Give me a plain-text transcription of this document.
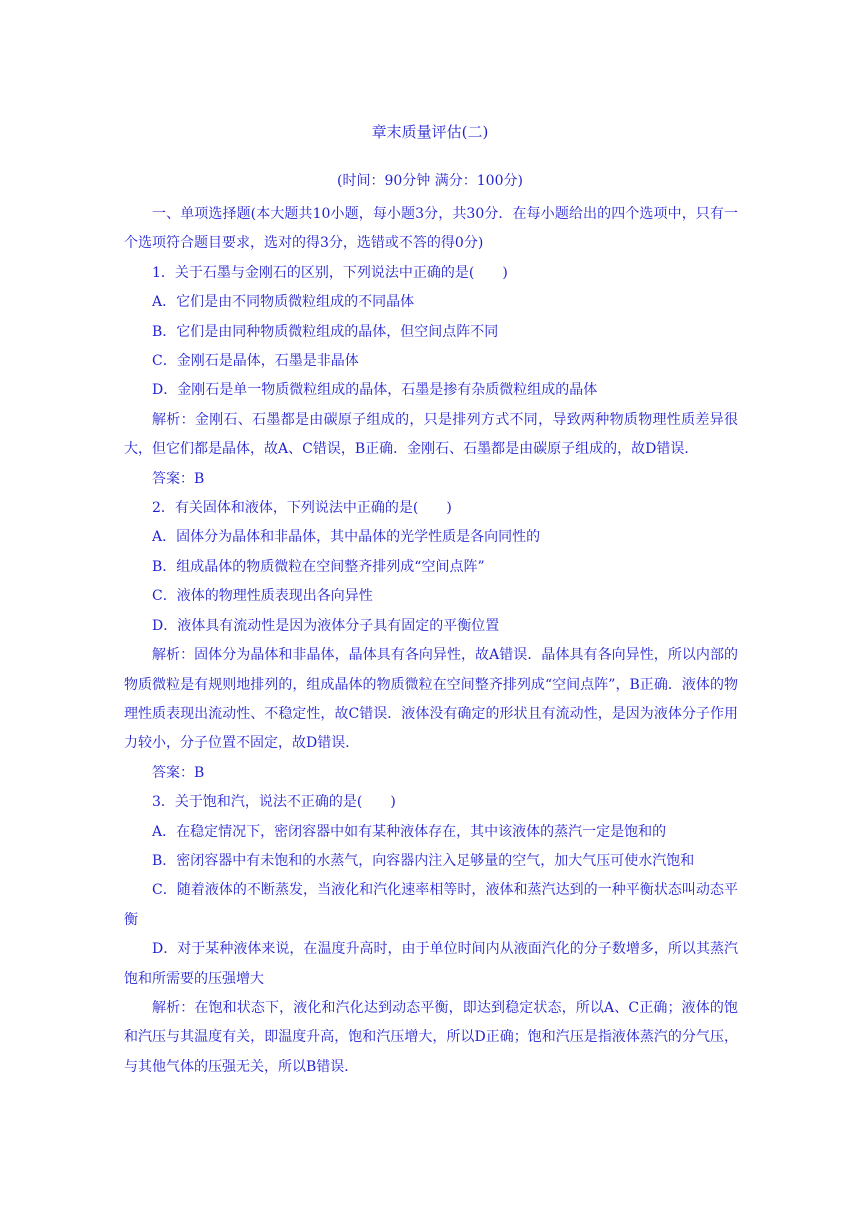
章末质量评估(二)
(时间：90分钟 满分：100分)

一、单项选择题(本大题共10小题，每小题3分，共30分．在每小题给出的四个选项中，只有一个选项符合题目要求，选对的得3分，选错或不答的得0分)

1．关于石墨与金刚石的区别，下列说法中正确的是(　　)

A．它们是由不同物质微粒组成的不同晶体

B．它们是由同种物质微粒组成的晶体，但空间点阵不同

C．金刚石是晶体，石墨是非晶体

D．金刚石是单一物质微粒组成的晶体，石墨是掺有杂质微粒组成的晶体

解析：金刚石、石墨都是由碳原子组成的，只是排列方式不同，导致两种物质物理性质差异很大，但它们都是晶体，故A、C错误，B正确．金刚石、石墨都是由碳原子组成的，故D错误．

答案：B

2．有关固体和液体，下列说法中正确的是(　　)

A．固体分为晶体和非晶体，其中晶体的光学性质是各向同性的

B．组成晶体的物质微粒在空间整齐排列成“空间点阵”

C．液体的物理性质表现出各向异性

D．液体具有流动性是因为液体分子具有固定的平衡位置

解析：固体分为晶体和非晶体，晶体具有各向异性，故A错误．晶体具有各向异性，所以内部的物质微粒是有规则地排列的，组成晶体的物质微粒在空间整齐排列成“空间点阵”，B正确．液体的物理性质表现出流动性、不稳定性，故C错误．液体没有确定的形状且有流动性，是因为液体分子作用力较小，分子位置不固定，故D错误．

答案：B

3．关于饱和汽，说法不正确的是(　　)

A．在稳定情况下，密闭容器中如有某种液体存在，其中该液体的蒸汽一定是饱和的

B．密闭容器中有未饱和的水蒸气，向容器内注入足够量的空气，加大气压可使水汽饱和

C．随着液体的不断蒸发，当液化和汽化速率相等时，液体和蒸汽达到的一种平衡状态叫动态平衡

D．对于某种液体来说，在温度升高时，由于单位时间内从液面汽化的分子数增多，所以其蒸汽饱和所需要的压强增大

解析：在饱和状态下，液化和汽化达到动态平衡，即达到稳定状态，所以A、C正确；液体的饱和汽压与其温度有关，即温度升高，饱和汽压增大，所以D正确；饱和汽压是指液体蒸汽的分气压，与其他气体的压强无关，所以B错误．
